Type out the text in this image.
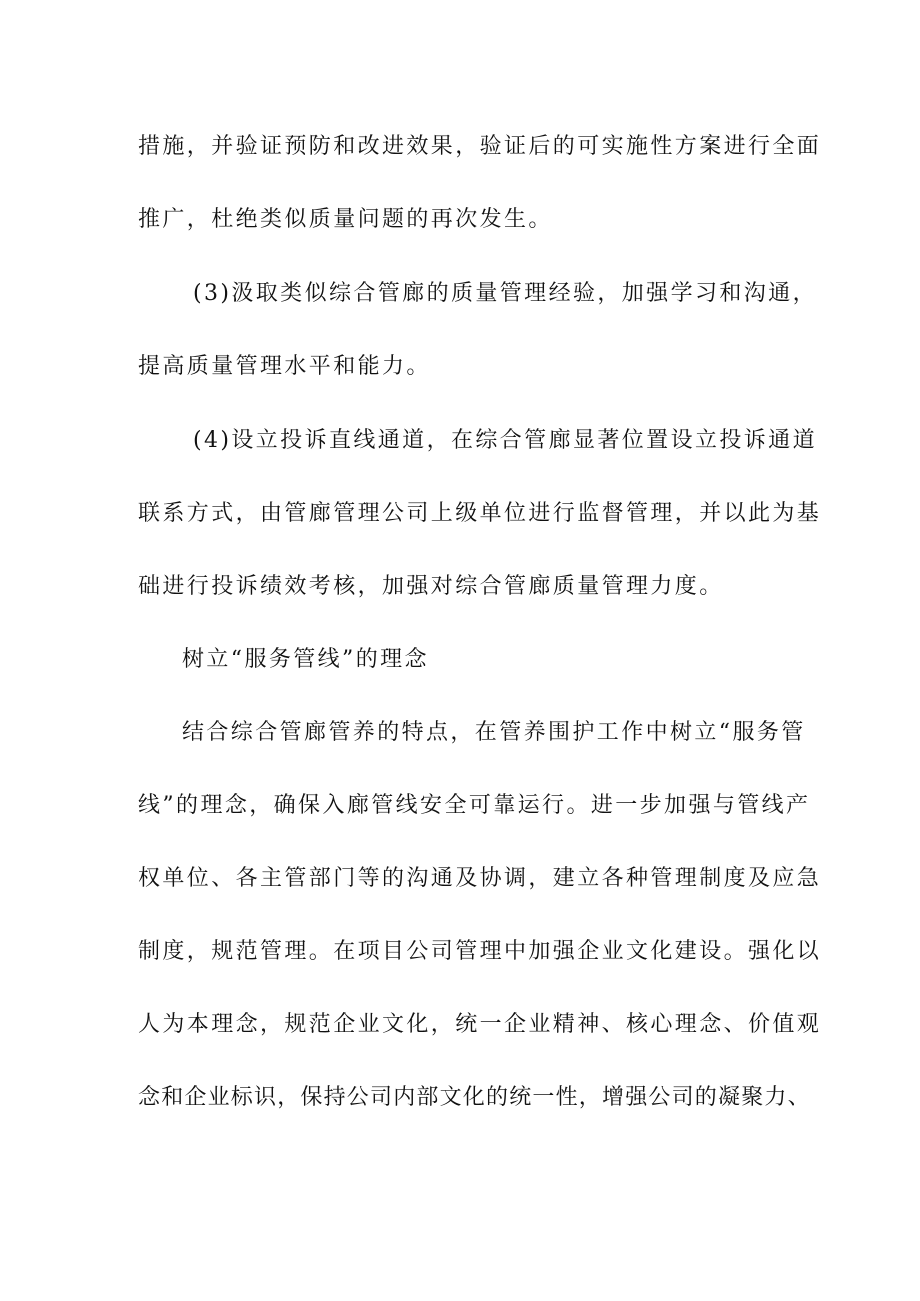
措施，并验证预防和改进效果，验证后的可实施性方案进行全面
推广，杜绝类似质量问题的再次发生。
(3)汲取类似综合管廊的质量管理经验，加强学习和沟通，
提高质量管理水平和能力。
(4)设立投诉直线通道，在综合管廊显著位置设立投诉通道
联系方式，由管廊管理公司上级单位进行监督管理，并以此为基
础进行投诉绩效考核，加强对综合管廊质量管理力度。
树立“服务管线”的理念
结合综合管廊管养的特点，在管养围护工作中树立“服务管
线”的理念，确保入廊管线安全可靠运行。进一步加强与管线产
权单位、各主管部门等的沟通及协调，建立各种管理制度及应急
制度，规范管理。在项目公司管理中加强企业文化建设。强化以
人为本理念，规范企业文化，统一企业精神、核心理念、价值观
念和企业标识，保持公司内部文化的统一性，增强公司的凝聚力、
